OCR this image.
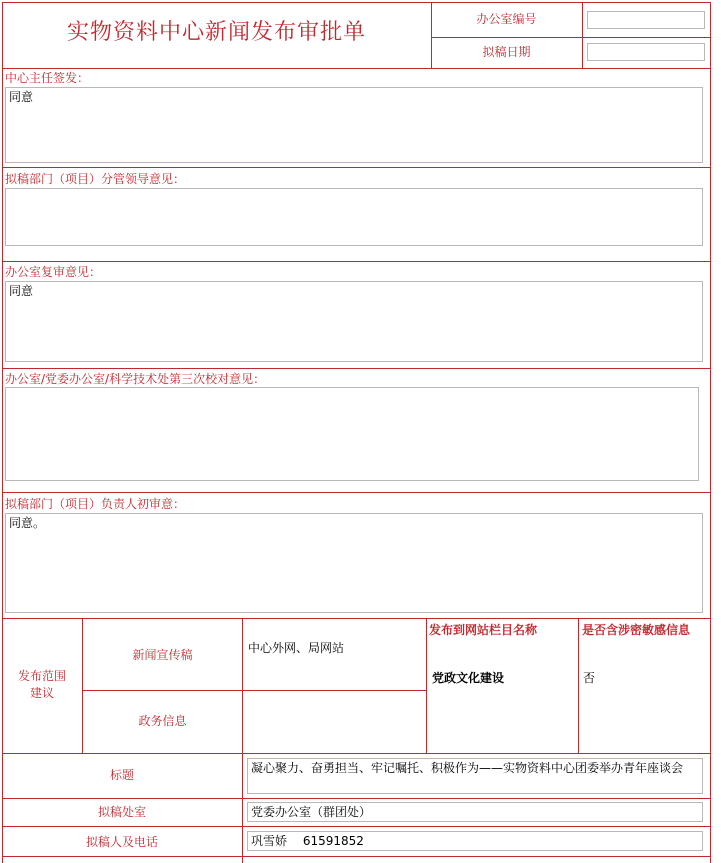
实物资料中心新闻发布审批单
办公室编号
拟稿日期
中心主任签发：
同意
拟稿部门（项目）分管领导意见：
办公室复审意见：
同意
办公室/党委办公室/科学技术处第三次校对意见：
拟稿部门（项目）负责人初审意：
同意。
发布范围建议
新闻宣传稿	中心外网、局网站
政务信息
发布到网站栏目名称
党政文化建设
是否含涉密敏感信息
否
标题	凝心聚力、奋勇担当、牢记嘱托、积极作为——实物资料中心团委举办青年座谈会
拟稿处室	党委办公室（群团处）
拟稿人及电话	巩雪娇　 61591852
